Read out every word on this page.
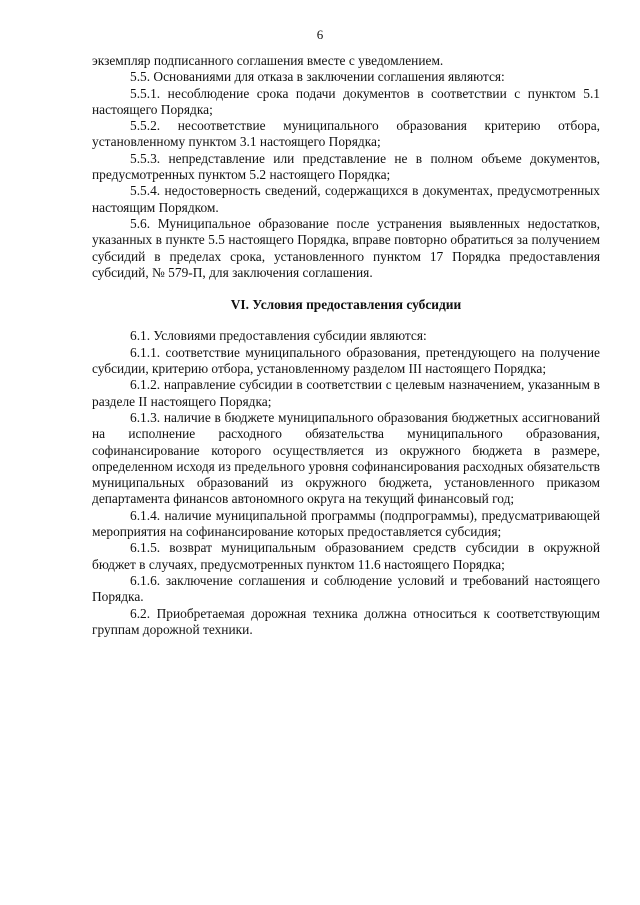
6

экземпляр подписанного соглашения вместе с уведомлением.

5.5. Основаниями для отказа в заключении соглашения являются:

5.5.1. несоблюдение срока подачи документов в соответствии с пунктом 5.1 настоящего Порядка;

5.5.2. несоответствие муниципального образования критерию отбора, установленному пунктом 3.1 настоящего Порядка;

5.5.3. непредставление или представление не в полном объеме документов, предусмотренных пунктом 5.2 настоящего Порядка;

5.5.4. недостоверность сведений, содержащихся в документах, предусмотренных настоящим Порядком.

5.6. Муниципальное образование после устранения выявленных недостатков, указанных в пункте 5.5 настоящего Порядка, вправе повторно обратиться за получением субсидий в пределах срока, установленного пунктом 17 Порядка предоставления субсидий, № 579-П, для заключения соглашения.

VI. Условия предоставления субсидии

6.1. Условиями предоставления субсидии являются:

6.1.1. соответствие муниципального образования, претендующего на получение субсидии, критерию отбора, установленному разделом III настоящего Порядка;

6.1.2. направление субсидии в соответствии с целевым назначением, указанным в разделе II настоящего Порядка;

6.1.3. наличие в бюджете муниципального образования бюджетных ассигнований на исполнение расходного обязательства муниципального образования, софинансирование которого осуществляется из окружного бюджета в размере, определенном исходя из предельного уровня софинансирования расходных обязательств муниципальных образований из окружного бюджета, установленного приказом департамента финансов автономного округа на текущий финансовый год;

6.1.4. наличие муниципальной программы (подпрограммы), предусматривающей мероприятия на софинансирование которых предоставляется субсидия;

6.1.5. возврат муниципальным образованием средств субсидии в окружной бюджет в случаях, предусмотренных пунктом 11.6 настоящего Порядка;

6.1.6. заключение соглашения и соблюдение условий и требований настоящего Порядка.

6.2. Приобретаемая дорожная техника должна относиться к соответствующим группам дорожной техники.
